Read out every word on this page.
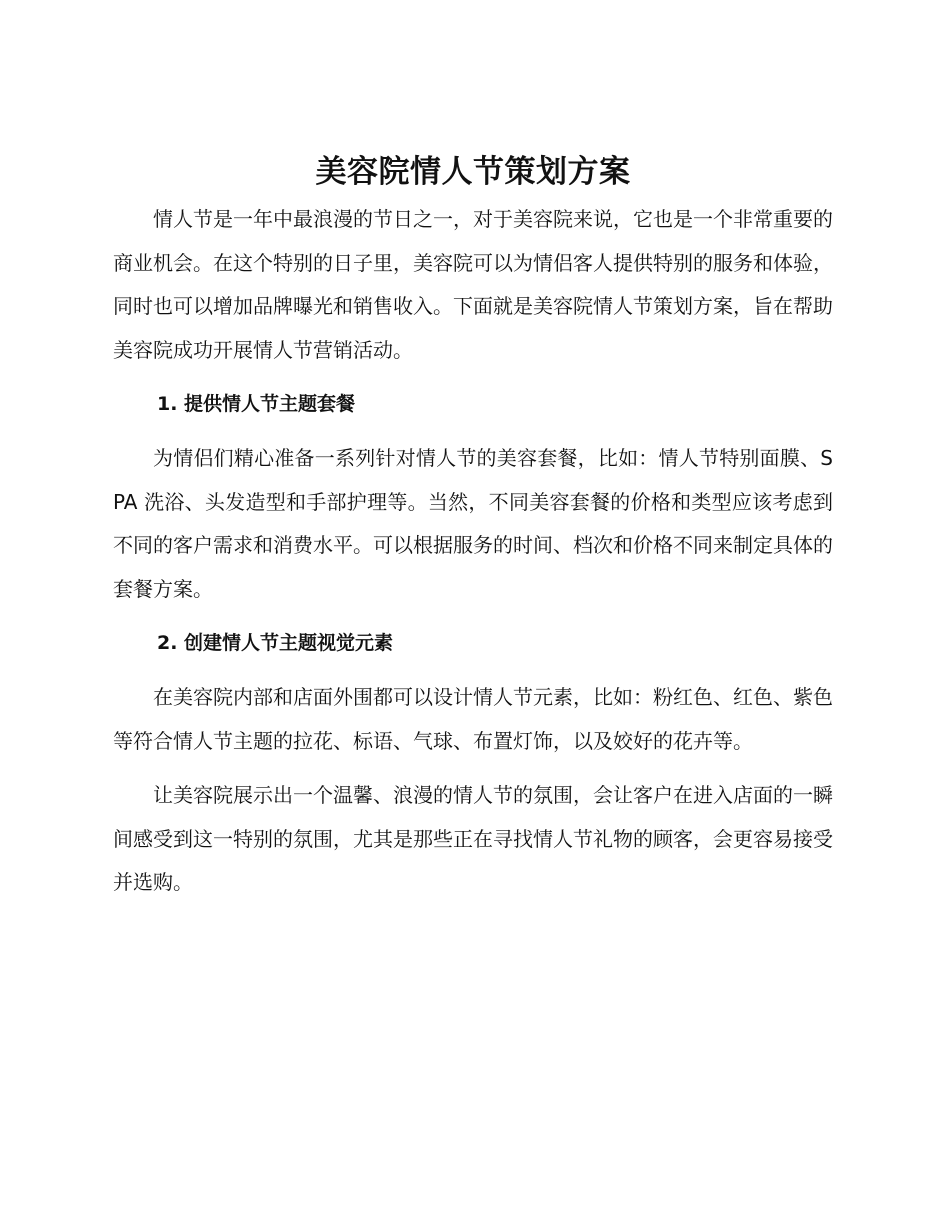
美容院情人节策划方案

情人节是一年中最浪漫的节日之一，对于美容院来说，它也是一个非常重要的商业机会。在这个特别的日子里，美容院可以为情侣客人提供特别的服务和体验，同时也可以增加品牌曝光和销售收入。下面就是美容院情人节策划方案，旨在帮助美容院成功开展情人节营销活动。

1. 提供情人节主题套餐

为情侣们精心准备一系列针对情人节的美容套餐，比如：情人节特别面膜、SPA 洗浴、头发造型和手部护理等。当然，不同美容套餐的价格和类型应该考虑到不同的客户需求和消费水平。可以根据服务的时间、档次和价格不同来制定具体的套餐方案。

2. 创建情人节主题视觉元素

在美容院内部和店面外围都可以设计情人节元素，比如：粉红色、红色、紫色等符合情人节主题的拉花、标语、气球、布置灯饰，以及姣好的花卉等。

让美容院展示出一个温馨、浪漫的情人节的氛围，会让客户在进入店面的一瞬间感受到这一特别的氛围，尤其是那些正在寻找情人节礼物的顾客，会更容易接受并选购。
